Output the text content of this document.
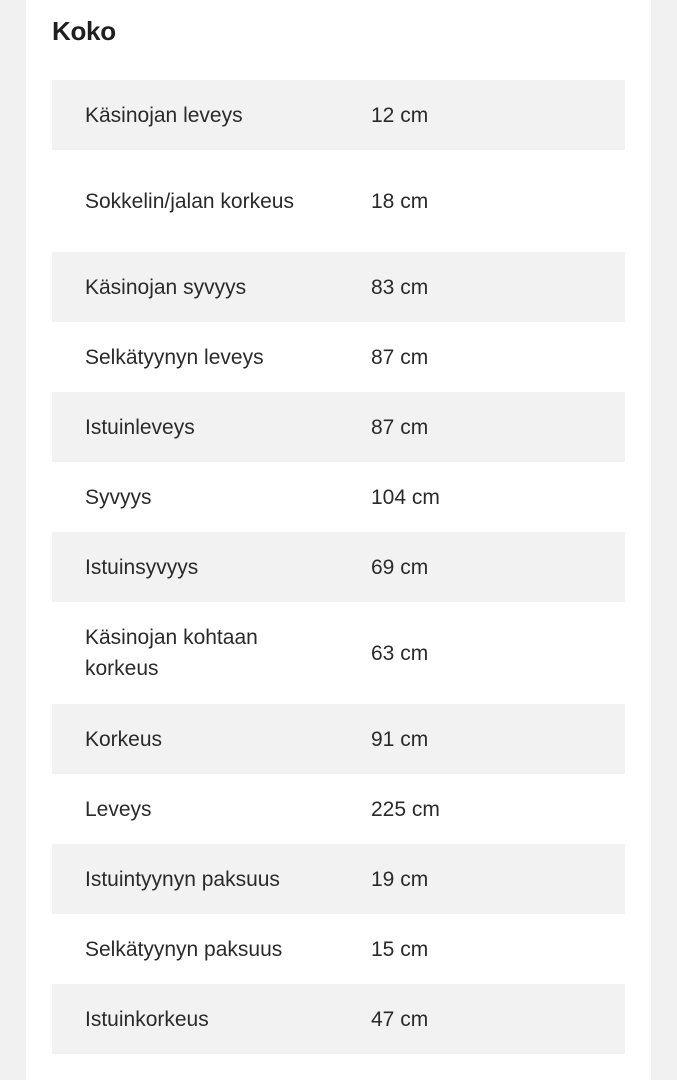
Koko
Käsinojan leveys	12 cm
Sokkelin/jalan korkeus	18 cm
Käsinojan syvyys	83 cm
Selkätyynyn leveys	87 cm
Istuinleveys	87 cm
Syvyys	104 cm
Istuinsyvyys	69 cm
Käsinojan kohtaan korkeus	63 cm
Korkeus	91 cm
Leveys	225 cm
Istuintyynyn paksuus	19 cm
Selkätyynyn paksuus	15 cm
Istuinkorkeus	47 cm
